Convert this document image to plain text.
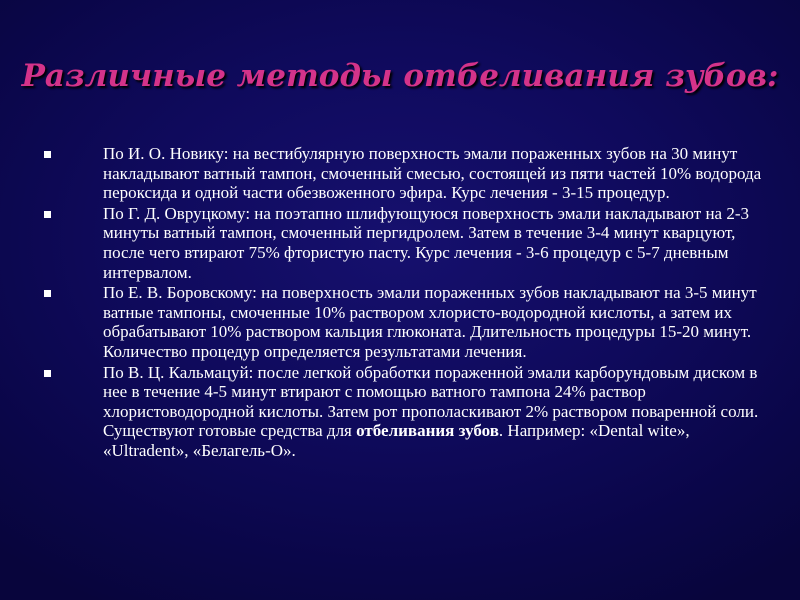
Различные методы отбеливания зубов:
По И. О. Новику: на вестибулярную поверхность эмали пораженных зубов на 30 минут накладывают ватный тампон, смоченный смесью, состоящей из пяти частей 10% водорода пероксида и одной части обезвоженного эфира. Курс лечения - 3-15 процедур.
По Г. Д. Овруцкому: на поэтапно шлифующуюся поверхность эмали накладывают на 2-3 минуты ватный тампон, смоченный пергидролем. Затем в течение 3-4 минут кварцуют, после чего втирают 75% фтористую пасту. Курс лечения - 3-6 процедур с 5-7 дневным интервалом.
По Е. В. Боровскому: на поверхность эмали пораженных зубов накладывают на 3-5 минут ватные тампоны, смоченные 10% раствором хлористо-водородной кислоты, а затем их обрабатывают 10% раствором кальция глюконата. Длительность процедуры 15-20 минут. Количество процедур определяется результатами лечения.
По В. Ц. Кальмацуй: после легкой обработки пораженной эмали карборундовым диском в нее в течение 4-5 минут втирают с помощью ватного тампона 24% раствор хлористоводородной кислоты. Затем рот прополаскивают 2% раствором поваренной соли. Существуют готовые средства для отбеливания зубов. Например: «Dental wite», «Ultradent», «Белагель-О».
